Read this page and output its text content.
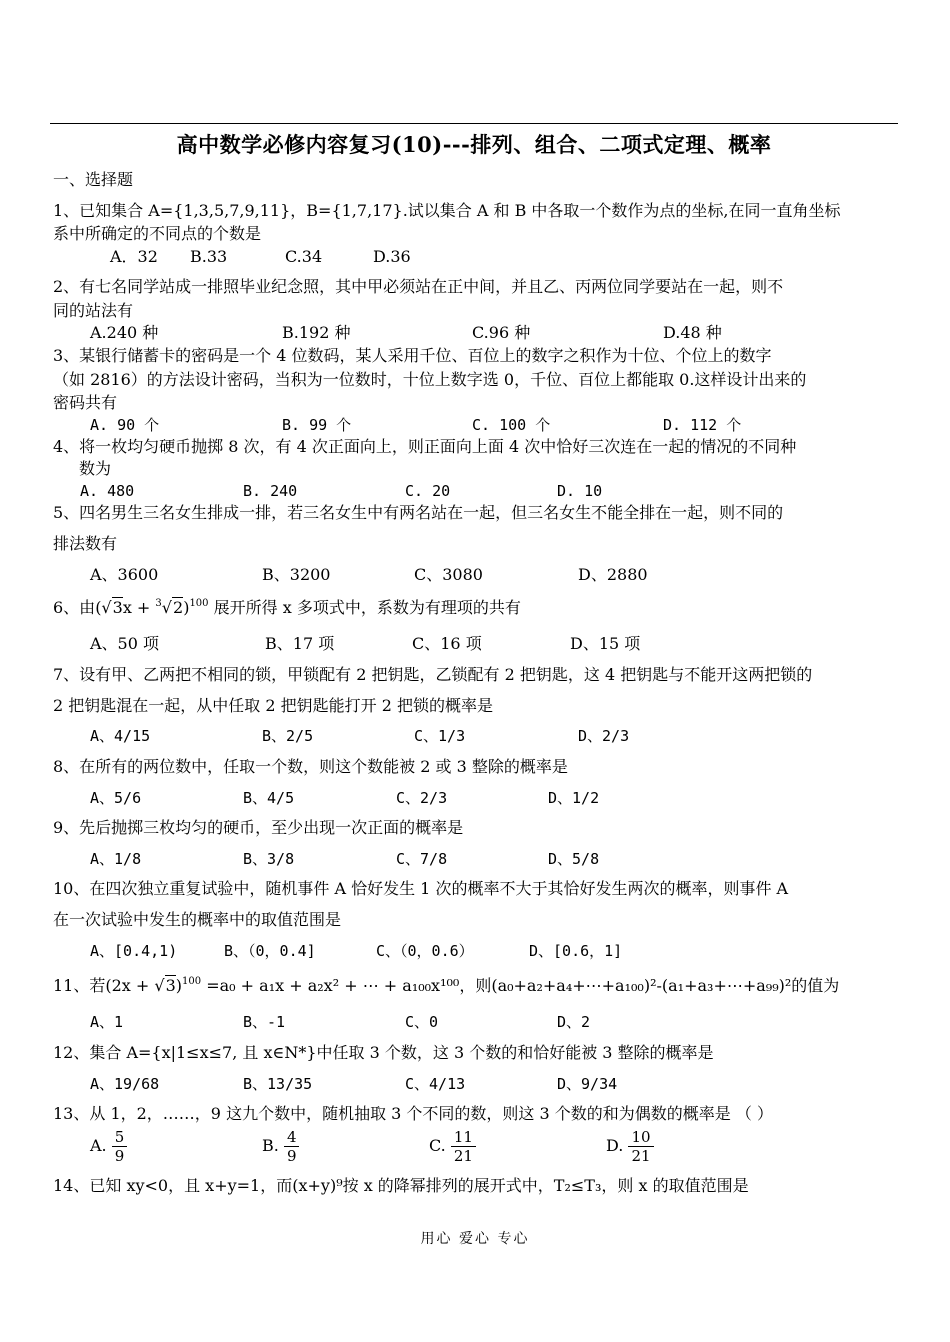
高中数学必修内容复习(10)---排列、组合、二项式定理、概率
一、选择题
1、已知集合 A={1,3,5,7,9,11}，B={1,7,17}.试以集合 A 和 B 中各取一个数作为点的坐标,在同一直角坐标
系中所确定的不同点的个数是
A．32 B.33	C.34	D.36
2、有七名同学站成一排照毕业纪念照，其中甲必须站在正中间，并且乙、丙两位同学要站在一起，则不
同的站法有
A.240 种	B.192 种	C.96 种	D.48 种
3、某银行储蓄卡的密码是一个 4 位数码，某人采用千位、百位上的数字之积作为十位、个位上的数字
（如 2816）的方法设计密码，当积为一位数时，十位上数字选 0，千位、百位上都能取 0.这样设计出来的
密码共有
A. 90 个	B. 99 个	C. 100 个	D. 112 个
4、将一枚均匀硬币抛掷 8 次，有 4 次正面向上，则正面向上面 4 次中恰好三次连在一起的情况的不同种
数为
A. 480	B. 240	C. 20	D. 10
5、四名男生三名女生排成一排，若三名女生中有两名站在一起，但三名女生不能全排在一起，则不同的
排法数有
A、3600	B、3200	C、3080	D、2880
6、由$(√3x + ^3√2)^{100}$ 展开所得 x 多项式中，系数为有理项的共有
A、50 项	B、17 项	C、16 项	D、15 项
7、设有甲、乙两把不相同的锁，甲锁配有 2 把钥匙，乙锁配有 2 把钥匙，这 4 把钥匙与不能开这两把锁的
2 把钥匙混在一起，从中任取 2 把钥匙能打开 2 把锁的概率是
A、4/15	B、2/5	C、1/3	D、2/3
8、在所有的两位数中，任取一个数，则这个数能被 2 或 3 整除的概率是
A、5/6	B、4/5	C、2/3	D、1/2
9、先后抛掷三枚均匀的硬币，至少出现一次正面的概率是
A、1/8	B、3/8	C、7/8	D、5/8
10、在四次独立重复试验中，随机事件 A 恰好发生 1 次的概率不大于其恰好发生两次的概率，则事件 A
在一次试验中发生的概率中的取值范围是
A、[0.4,1)	B、（0，0.4]	C、（0，0.6）	D、[0.6，1]
11、若$(2x + √3)^{100} =a_0 + a_1x + a_2x^2$ + ⋯ + a₁₀₀x¹⁰⁰，则(a₀+a₂+a₄+⋯+a₁₀₀)²-(a₁+a₃+⋯+a₉₉)²的值为
A、1	B、-1	C、0	D、2
12、集合 A={x|1≤x≤7, 且 x∈N*}中任取 3 个数，这 3 个数的和恰好能被 3 整除的概率是
A、19/68	B、13/35	C、4/13	D、9/34
13、从 1，2，……，9 这九个数中，随机抽取 3 个不同的数，则这 3 个数的和为偶数的概率是 （ ）
A. $\frac{5}{9}$	B. $\frac{4}{9}$	C. $\frac{11}{21}$	D. $\frac{10}{21}$
14、已知 xy<0，且 x+y=1，而(x+y)⁹按 x 的降幂排列的展开式中，T₂≤T₃，则 x 的取值范围是
用心 爱心 专心
